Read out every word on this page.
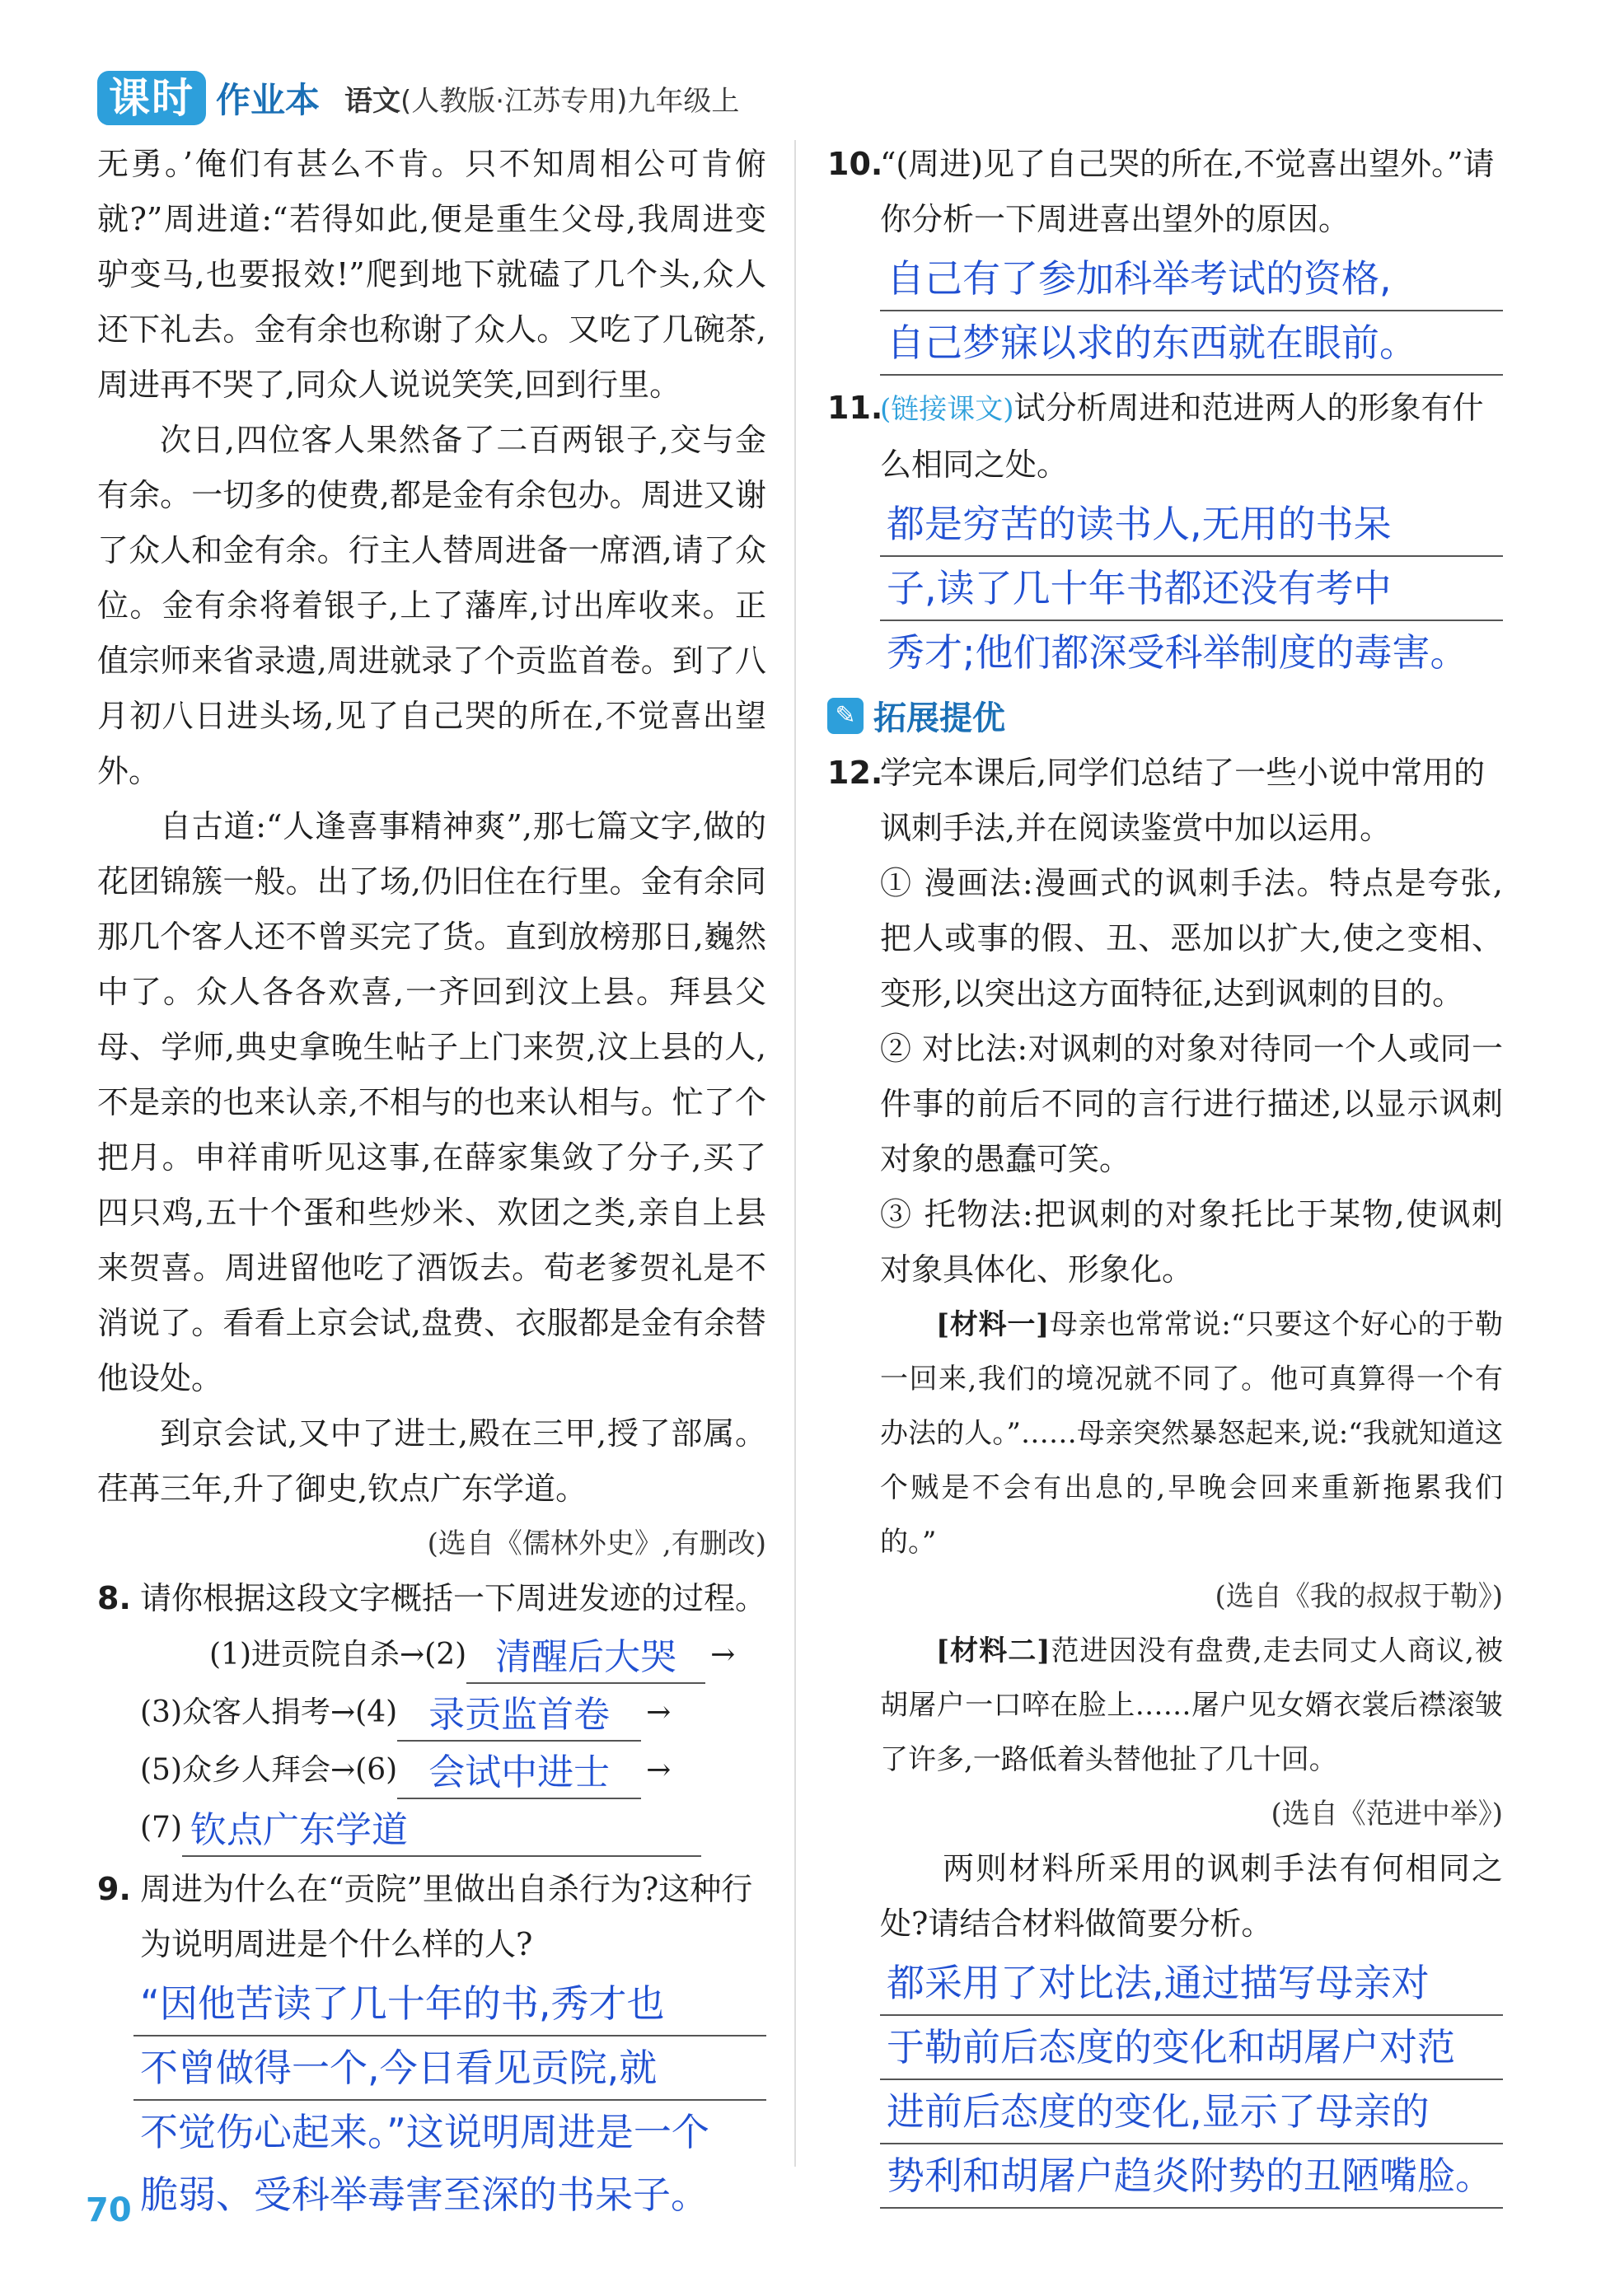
课时 作业本 语文(人教版·江苏专用)九年级上

无勇。’俺们有甚么不肯。只不知周相公可肯俯就?”周进道:“若得如此,便是重生父母,我周进变驴变马,也要报效!”爬到地下就磕了几个头,众人还下礼去。金有余也称谢了众人。又吃了几碗茶,周进再不哭了,同众人说说笑笑,回到行里。

次日,四位客人果然备了二百两银子,交与金有余。一切多的使费,都是金有余包办。周进又谢了众人和金有余。行主人替周进备一席酒,请了众位。金有余将着银子,上了藩库,讨出库收来。正值宗师来省录遗,周进就录了个贡监首卷。到了八月初八日进头场,见了自己哭的所在,不觉喜出望外。

自古道:“人逢喜事精神爽”,那七篇文字,做的花团锦簇一般。出了场,仍旧住在行里。金有余同那几个客人还不曾买完了货。直到放榜那日,巍然中了。众人各各欢喜,一齐回到汶上县。拜县父母、学师,典史拿晚生帖子上门来贺,汶上县的人,不是亲的也来认亲,不相与的也来认相与。忙了个把月。申祥甫听见这事,在薛家集敛了分子,买了四只鸡,五十个蛋和些炒米、欢团之类,亲自上县来贺喜。周进留他吃了酒饭去。荀老爹贺礼是不消说了。看看上京会试,盘费、衣服都是金有余替他设处。

到京会试,又中了进士,殿在三甲,授了部属。荏苒三年,升了御史,钦点广东学道。

(选自《儒林外史》,有删改)

8. 请你根据这段文字概括一下周进发迹的过程。
(1)进贡院自杀→(2) 清醒后大哭	→
(3)众客人捐考→(4) 录贡监首卷	→
(5)众乡人拜会→(6) 会试中进士	→
(7) 钦点广东学道
9. 周进为什么在“贡院”里做出自杀行为?这种行为说明周进是个什么样的人?
“因他苦读了几十年的书,秀才也
不曾做得一个,今日看见贡院,就
不觉伤心起来。”这说明周进是一个
脆弱、受科举毒害至深的书呆子。
10.
“(周进)见了自己哭的所在,不觉喜出望外。”请你分析一下周进喜出望外的原因。
自己有了参加科举考试的资格,
自己梦寐以求的东西就在眼前。
11.
(链接课文)试分析周进和范进两人的形象有什么相同之处。
都是穷苦的读书人,无用的书呆
子,读了几十年书都还没有考中
秀才;他们都深受科举制度的毒害。
✎ 拓展提优
12.
学完本课后,同学们总结了一些小说中常用的讽刺手法,并在阅读鉴赏中加以运用。

① 漫画法:漫画式的讽刺手法。特点是夸张,把人或事的假、丑、恶加以扩大,使之变相、变形,以突出这方面特征,达到讽刺的目的。

② 对比法:对讽刺的对象对待同一个人或同一件事的前后不同的言行进行描述,以显示讽刺对象的愚蠢可笑。

③ 托物法:把讽刺的对象托比于某物,使讽刺对象具体化、形象化。

[材料一]母亲也常常说:“只要这个好心的于勒一回来,我们的境况就不同了。他可真算得一个有办法的人。”……母亲突然暴怒起来,说:“我就知道这个贼是不会有出息的,早晚会回来重新拖累我们的。”

(选自《我的叔叔于勒》)

[材料二]范进因没有盘费,走去同丈人商议,被胡屠户一口啐在脸上……屠户见女婿衣裳后襟滚皱了许多,一路低着头替他扯了几十回。

(选自《范进中举》)

两则材料所采用的讽刺手法有何相同之处?请结合材料做简要分析。

都采用了对比法,通过描写母亲对
于勒前后态度的变化和胡屠户对范
进前后态度的变化,显示了母亲的
势利和胡屠户趋炎附势的丑陋嘴脸。
70
